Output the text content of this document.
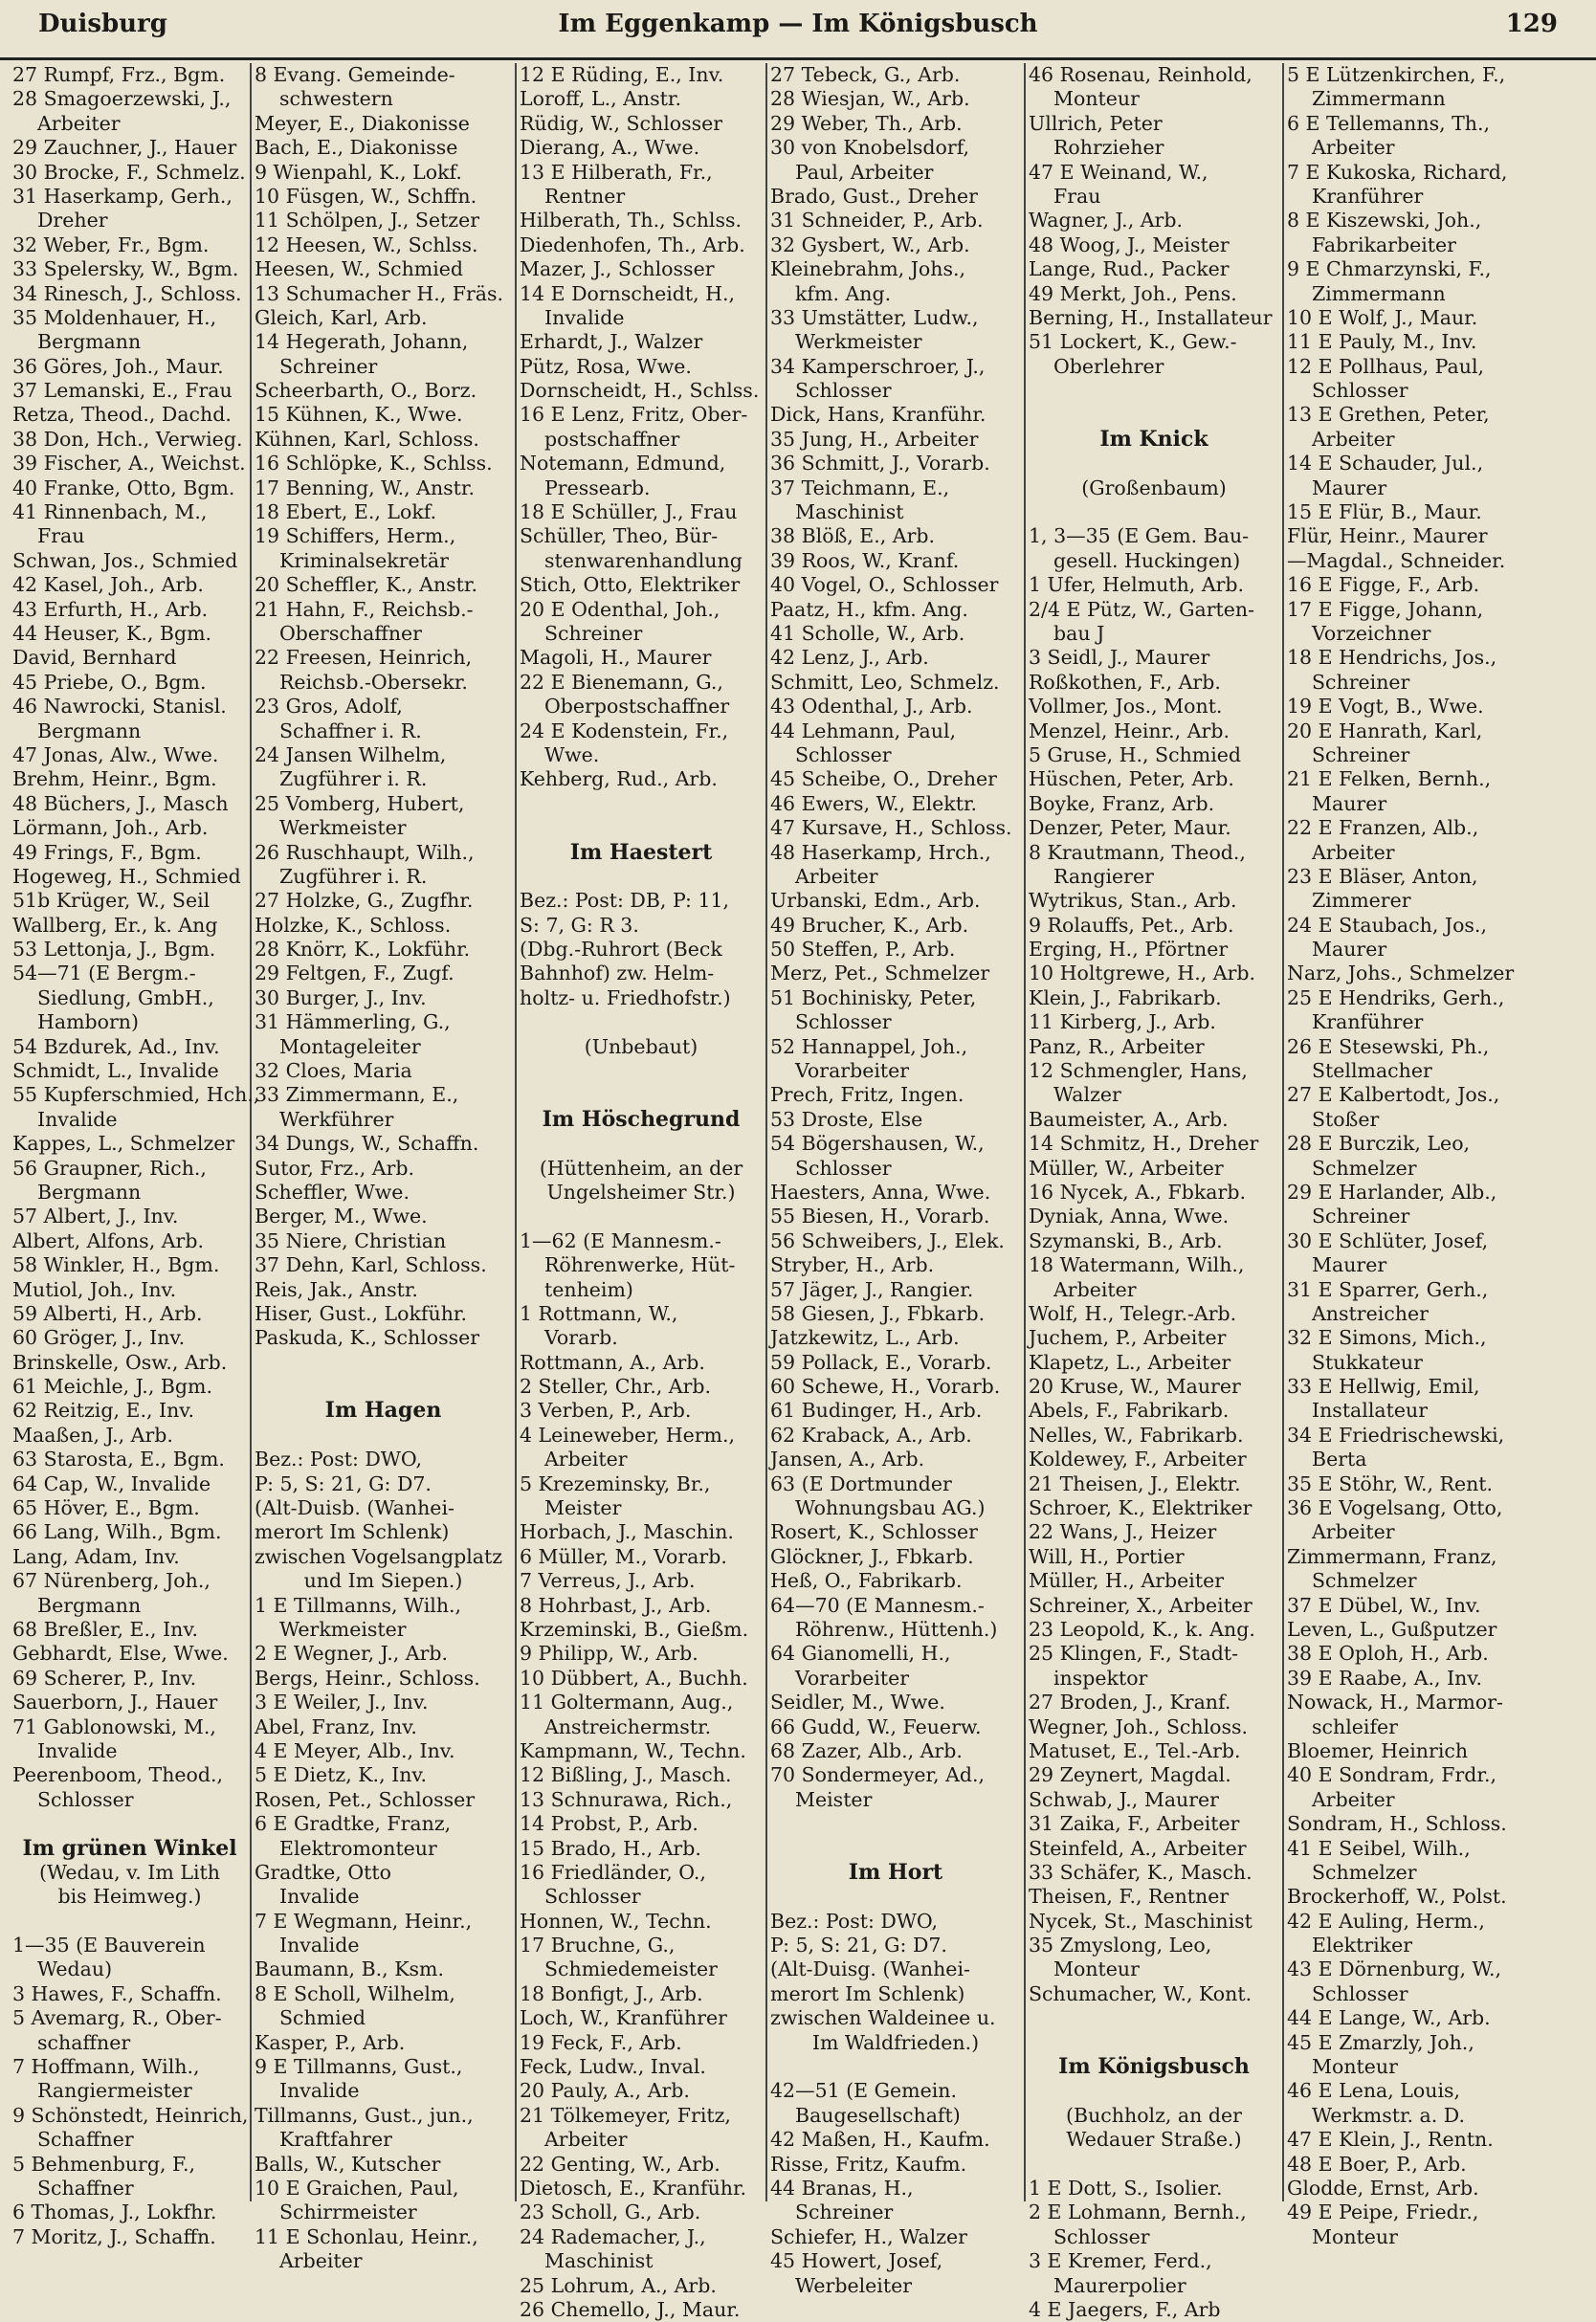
Duisburg	Im Eggenkamp — Im Königsbusch	129
27 Rumpf, Frz., Bgm.
28 Smagoerzewski, J.,
Arbeiter
29 Zauchner, J., Hauer
30 Brocke, F., Schmelz.
31 Haserkamp, Gerh.,
Dreher
32 Weber, Fr., Bgm.
33 Spelersky, W., Bgm.
34 Rinesch, J., Schloss.
35 Moldenhauer, H.,
Bergmann
36 Göres, Joh., Maur.
37 Lemanski, E., Frau
Retza, Theod., Dachd.
38 Don, Hch., Verwieg.
39 Fischer, A., Weichst.
40 Franke, Otto, Bgm.
41 Rinnenbach, M.,
Frau
Schwan, Jos., Schmied
42 Kasel, Joh., Arb.
43 Erfurth, H., Arb.
44 Heuser, K., Bgm.
David, Bernhard
45 Priebe, O., Bgm.
46 Nawrocki, Stanisl.
Bergmann
47 Jonas, Alw., Wwe.
Brehm, Heinr., Bgm.
48 Büchers, J., Masch
Lörmann, Joh., Arb.
49 Frings, F., Bgm.
Hogeweg, H., Schmied
51b Krüger, W., Seil
Wallberg, Er., k. Ang
53 Lettonja, J., Bgm.
54—71 (E Bergm.-
Siedlung, GmbH.,
Hamborn)
54 Bzdurek, Ad., Inv.
Schmidt, L., Invalide
55 Kupferschmied, Hch.,
Invalide
Kappes, L., Schmelzer
56 Graupner, Rich.,
Bergmann
57 Albert, J., Inv.
Albert, Alfons, Arb.
58 Winkler, H., Bgm.
Mutiol, Joh., Inv.
59 Alberti, H., Arb.
60 Gröger, J., Inv.
Brinskelle, Osw., Arb.
61 Meichle, J., Bgm.
62 Reitzig, E., Inv.
Maaßen, J., Arb.
63 Starosta, E., Bgm.
64 Cap, W., Invalide
65 Höver, E., Bgm.
66 Lang, Wilh., Bgm.
Lang, Adam, Inv.
67 Nürenberg, Joh.,
Bergmann
68 Breßler, E., Inv.
Gebhardt, Else, Wwe.
69 Scherer, P., Inv.
Sauerborn, J., Hauer
71 Gablonowski, M.,
Invalide
Peerenboom, Theod.,
Schlosser
Im grünen Winkel
(Wedau, v. Im Lith
bis Heimweg.)
1—35 (E Bauverein
Wedau)
3 Hawes, F., Schaffn.
5 Avemarg, R., Ober-
schaffner
7 Hoffmann, Wilh.,
Rangiermeister
9 Schönstedt, Heinrich,
Schaffner
5 Behmenburg, F.,
Schaffner
6 Thomas, J., Lokfhr.
7 Moritz, J., Schaffn.
8 Evang. Gemeinde-
schwestern
Meyer, E., Diakonisse
Bach, E., Diakonisse
9 Wienpahl, K., Lokf.
10 Füsgen, W., Schffn.
11 Schölpen, J., Setzer
12 Heesen, W., Schlss.
Heesen, W., Schmied
13 Schumacher H., Fräs.
Gleich, Karl, Arb.
14 Hegerath, Johann,
Schreiner
Scheerbarth, O., Borz.
15 Kühnen, K., Wwe.
Kühnen, Karl, Schloss.
16 Schlöpke, K., Schlss.
17 Benning, W., Anstr.
18 Ebert, E., Lokf.
19 Schiffers, Herm.,
Kriminalsekretär
20 Scheffler, K., Anstr.
21 Hahn, F., Reichsb.-
Oberschaffner
22 Freesen, Heinrich,
Reichsb.-Obersekr.
23 Gros, Adolf,
Schaffner i. R.
24 Jansen Wilhelm,
Zugführer i. R.
25 Vomberg, Hubert,
Werkmeister
26 Ruschhaupt, Wilh.,
Zugführer i. R.
27 Holzke, G., Zugfhr.
Holzke, K., Schloss.
28 Knörr, K., Lokführ.
29 Feltgen, F., Zugf.
30 Burger, J., Inv.
31 Hämmerling, G.,
Montageleiter
32 Cloes, Maria
33 Zimmermann, E.,
Werkführer
34 Dungs, W., Schaffn.
Sutor, Frz., Arb.
Scheffler, Wwe.
Berger, M., Wwe.
35 Niere, Christian
37 Dehn, Karl, Schloss.
Reis, Jak., Anstr.
Hiser, Gust., Lokführ.
Paskuda, K., Schlosser
Im Hagen
Bez.: Post: DWO,
P: 5, S: 21, G: D7.
(Alt-Duisb. (Wanhei-
merort Im Schlenk)
zwischen Vogelsangplatz
und Im Siepen.)
1 E Tillmanns, Wilh.,
Werkmeister
2 E Wegner, J., Arb.
Bergs, Heinr., Schloss.
3 E Weiler, J., Inv.
Abel, Franz, Inv.
4 E Meyer, Alb., Inv.
5 E Dietz, K., Inv.
Rosen, Pet., Schlosser
6 E Gradtke, Franz,
Elektromonteur
Gradtke, Otto
Invalide
7 E Wegmann, Heinr.,
Invalide
Baumann, B., Ksm.
8 E Scholl, Wilhelm,
Schmied
Kasper, P., Arb.
9 E Tillmanns, Gust.,
Invalide
Tillmanns, Gust., jun.,
Kraftfahrer
Balls, W., Kutscher
10 E Graichen, Paul,
Schirrmeister
11 E Schonlau, Heinr.,
Arbeiter
12 E Rüding, E., Inv.
Loroff, L., Anstr.
Rüdig, W., Schlosser
Dierang, A., Wwe.
13 E Hilberath, Fr.,
Rentner
Hilberath, Th., Schlss.
Diedenhofen, Th., Arb.
Mazer, J., Schlosser
14 E Dornscheidt, H.,
Invalide
Erhardt, J., Walzer
Pütz, Rosa, Wwe.
Dornscheidt, H., Schlss.
16 E Lenz, Fritz, Ober-
postschaffner
Notemann, Edmund,
Pressearb.
18 E Schüller, J., Frau
Schüller, Theo, Bür-
stenwarenhandlung
Stich, Otto, Elektriker
20 E Odenthal, Joh.,
Schreiner
Magoli, H., Maurer
22 E Bienemann, G.,
Oberpostschaffner
24 E Kodenstein, Fr.,
Wwe.
Kehberg, Rud., Arb.
Im Haestert
Bez.: Post: DB, P: 11,
S: 7, G: R 3.
(Dbg.-Ruhrort (Beck
Bahnhof) zw. Helm-
holtz- u. Friedhofstr.)
(Unbebaut)
Im Höschegrund
(Hüttenheim, an der
Ungelsheimer Str.)
1—62 (E Mannesm.-
Röhrenwerke, Hüt-
tenheim)
1 Rottmann, W.,
Vorarb.
Rottmann, A., Arb.
2 Steller, Chr., Arb.
3 Verben, P., Arb.
4 Leineweber, Herm.,
Arbeiter
5 Krezeminsky, Br.,
Meister
Horbach, J., Maschin.
6 Müller, M., Vorarb.
7 Verreus, J., Arb.
8 Hohrbast, J., Arb.
Krzeminski, B., Gießm.
9 Philipp, W., Arb.
10 Dübbert, A., Buchh.
11 Goltermann, Aug.,
Anstreichermstr.
Kampmann, W., Techn.
12 Bißling, J., Masch.
13 Schnurawa, Rich.,
14 Probst, P., Arb.
15 Brado, H., Arb.
16 Friedländer, O.,
Schlosser
Honnen, W., Techn.
17 Bruchne, G.,
Schmiedemeister
18 Bonfigt, J., Arb.
Loch, W., Kranführer
19 Feck, F., Arb.
Feck, Ludw., Inval.
20 Pauly, A., Arb.
21 Tölkemeyer, Fritz,
Arbeiter
22 Genting, W., Arb.
Dietosch, E., Kranführ.
23 Scholl, G., Arb.
24 Rademacher, J.,
Maschinist
25 Lohrum, A., Arb.
26 Chemello, J., Maur.
27 Tebeck, G., Arb.
28 Wiesjan, W., Arb.
29 Weber, Th., Arb.
30 von Knobelsdorf,
Paul, Arbeiter
Brado, Gust., Dreher
31 Schneider, P., Arb.
32 Gysbert, W., Arb.
Kleinebrahm, Johs.,
kfm. Ang.
33 Umstätter, Ludw.,
Werkmeister
34 Kamperschroer, J.,
Schlosser
Dick, Hans, Kranführ.
35 Jung, H., Arbeiter
36 Schmitt, J., Vorarb.
37 Teichmann, E.,
Maschinist
38 Blöß, E., Arb.
39 Roos, W., Kranf.
40 Vogel, O., Schlosser
Paatz, H., kfm. Ang.
41 Scholle, W., Arb.
42 Lenz, J., Arb.
Schmitt, Leo, Schmelz.
43 Odenthal, J., Arb.
44 Lehmann, Paul,
Schlosser
45 Scheibe, O., Dreher
46 Ewers, W., Elektr.
47 Kursave, H., Schloss.
48 Haserkamp, Hrch.,
Arbeiter
Urbanski, Edm., Arb.
49 Brucher, K., Arb.
50 Steffen, P., Arb.
Merz, Pet., Schmelzer
51 Bochinisky, Peter,
Schlosser
52 Hannappel, Joh.,
Vorarbeiter
Prech, Fritz, Ingen.
53 Droste, Else
54 Bögershausen, W.,
Schlosser
Haesters, Anna, Wwe.
55 Biesen, H., Vorarb.
56 Schweibers, J., Elek.
Stryber, H., Arb.
57 Jäger, J., Rangier.
58 Giesen, J., Fbkarb.
Jatzkewitz, L., Arb.
59 Pollack, E., Vorarb.
60 Schewe, H., Vorarb.
61 Budinger, H., Arb.
62 Kraback, A., Arb.
Jansen, A., Arb.
63 (E Dortmunder
Wohnungsbau AG.)
Rosert, K., Schlosser
Glöckner, J., Fbkarb.
Heß, O., Fabrikarb.
64—70 (E Mannesm.-
Röhrenw., Hüttenh.)
64 Gianomelli, H.,
Vorarbeiter
Seidler, M., Wwe.
66 Gudd, W., Feuerw.
68 Zazer, Alb., Arb.
70 Sondermeyer, Ad.,
Meister
Im Hort
Bez.: Post: DWO,
P: 5, S: 21, G: D7.
(Alt-Duisg. (Wanhei-
merort Im Schlenk)
zwischen Waldeinee u.
Im Waldfrieden.)
42—51 (E Gemein.
Baugesellschaft)
42 Maßen, H., Kaufm.
Risse, Fritz, Kaufm.
44 Branas, H.,
Schreiner
Schiefer, H., Walzer
45 Howert, Josef,
Werbeleiter
46 Rosenau, Reinhold,
Monteur
Ullrich, Peter
Rohrzieher
47 E Weinand, W.,
Frau
Wagner, J., Arb.
48 Woog, J., Meister
Lange, Rud., Packer
49 Merkt, Joh., Pens.
Berning, H., Installateur
51 Lockert, K., Gew.-
Oberlehrer
Im Knick
(Großenbaum)
1, 3—35 (E Gem. Bau-
gesell. Huckingen)
1 Ufer, Helmuth, Arb.
2/4 E Pütz, W., Garten-
bau J
3 Seidl, J., Maurer
Roßkothen, F., Arb.
Vollmer, Jos., Mont.
Menzel, Heinr., Arb.
5 Gruse, H., Schmied
Hüschen, Peter, Arb.
Boyke, Franz, Arb.
Denzer, Peter, Maur.
8 Krautmann, Theod.,
Rangierer
Wytrikus, Stan., Arb.
9 Rolauffs, Pet., Arb.
Erging, H., Pförtner
10 Holtgrewe, H., Arb.
Klein, J., Fabrikarb.
11 Kirberg, J., Arb.
Panz, R., Arbeiter
12 Schmengler, Hans,
Walzer
Baumeister, A., Arb.
14 Schmitz, H., Dreher
Müller, W., Arbeiter
16 Nycek, A., Fbkarb.
Dyniak, Anna, Wwe.
Szymanski, B., Arb.
18 Watermann, Wilh.,
Arbeiter
Wolf, H., Telegr.-Arb.
Juchem, P., Arbeiter
Klapetz, L., Arbeiter
20 Kruse, W., Maurer
Abels, F., Fabrikarb.
Nelles, W., Fabrikarb.
Koldewey, F., Arbeiter
21 Theisen, J., Elektr.
Schroer, K., Elektriker
22 Wans, J., Heizer
Will, H., Portier
Müller, H., Arbeiter
Schreiner, X., Arbeiter
23 Leopold, K., k. Ang.
25 Klingen, F., Stadt-
inspektor
27 Broden, J., Kranf.
Wegner, Joh., Schloss.
Matuset, E., Tel.-Arb.
29 Zeynert, Magdal.
Schwab, J., Maurer
31 Zaika, F., Arbeiter
Steinfeld, A., Arbeiter
33 Schäfer, K., Masch.
Theisen, F., Rentner
Nycek, St., Maschinist
35 Zmyslong, Leo,
Monteur
Schumacher, W., Kont.
Im Königsbusch
(Buchholz, an der
Wedauer Straße.)
1 E Dott, S., Isolier.
2 E Lohmann, Bernh.,
Schlosser
3 E Kremer, Ferd.,
Maurerpolier
4 E Jaegers, F., Arb
5 E Lützenkirchen, F.,
Zimmermann
6 E Tellemanns, Th.,
Arbeiter
7 E Kukoska, Richard,
Kranführer
8 E Kiszewski, Joh.,
Fabrikarbeiter
9 E Chmarzynski, F.,
Zimmermann
10 E Wolf, J., Maur.
11 E Pauly, M., Inv.
12 E Pollhaus, Paul,
Schlosser
13 E Grethen, Peter,
Arbeiter
14 E Schauder, Jul.,
Maurer
15 E Flür, B., Maur.
Flür, Heinr., Maurer
—Magdal., Schneider.
16 E Figge, F., Arb.
17 E Figge, Johann,
Vorzeichner
18 E Hendrichs, Jos.,
Schreiner
19 E Vogt, B., Wwe.
20 E Hanrath, Karl,
Schreiner
21 E Felken, Bernh.,
Maurer
22 E Franzen, Alb.,
Arbeiter
23 E Bläser, Anton,
Zimmerer
24 E Staubach, Jos.,
Maurer
Narz, Johs., Schmelzer
25 E Hendriks, Gerh.,
Kranführer
26 E Stesewski, Ph.,
Stellmacher
27 E Kalbertodt, Jos.,
Stoßer
28 E Burczik, Leo,
Schmelzer
29 E Harlander, Alb.,
Schreiner
30 E Schlüter, Josef,
Maurer
31 E Sparrer, Gerh.,
Anstreicher
32 E Simons, Mich.,
Stukkateur
33 E Hellwig, Emil,
Installateur
34 E Friedrischewski,
Berta
35 E Stöhr, W., Rent.
36 E Vogelsang, Otto,
Arbeiter
Zimmermann, Franz,
Schmelzer
37 E Dübel, W., Inv.
Leven, L., Gußputzer
38 E Oploh, H., Arb.
39 E Raabe, A., Inv.
Nowack, H., Marmor-
schleifer
Bloemer, Heinrich
40 E Sondram, Frdr.,
Arbeiter
Sondram, H., Schloss.
41 E Seibel, Wilh.,
Schmelzer
Brockerhoff, W., Polst.
42 E Auling, Herm.,
Elektriker
43 E Dörnenburg, W.,
Schlosser
44 E Lange, W., Arb.
45 E Zmarzly, Joh.,
Monteur
46 E Lena, Louis,
Werkmstr. a. D.
47 E Klein, J., Rentn.
48 E Boer, P., Arb.
Glodde, Ernst, Arb.
49 E Peipe, Friedr.,
Monteur
